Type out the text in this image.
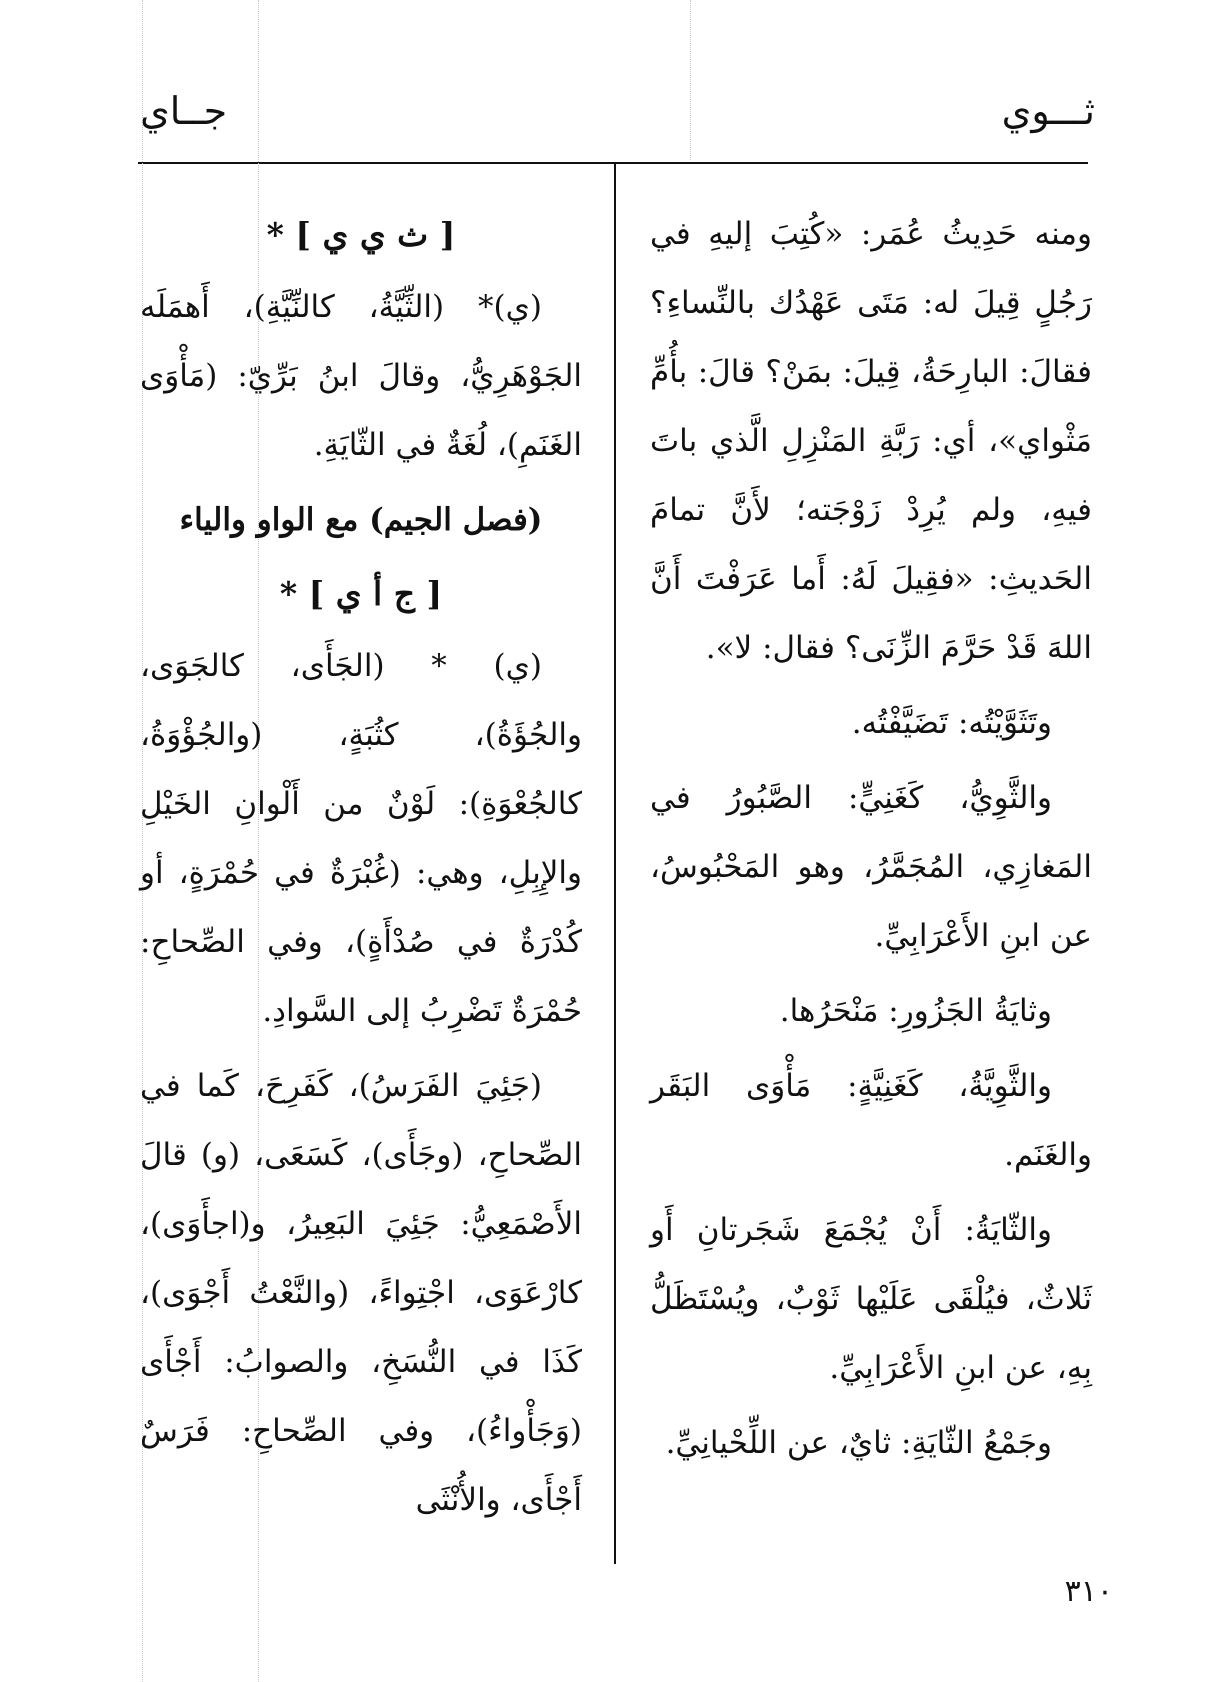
ثـــوي
جــاي

ومنه حَدِيثُ عُمَر: «كُتِبَ إليهِ في رَجُلٍ قِيلَ له: مَتَى عَهْدُك بالنِّساءِ؟ فقالَ: البارِحَةُ، قِيلَ: بمَنْ؟ قالَ: بأُمِّ مَثْواي»، أي: رَبَّةِ المَنْزِلِ الَّذي باتَ فيهِ، ولم يُرِدْ زَوْجَته؛ لأَنَّ تمامَ الحَديثِ: «فقِيلَ لَهُ: أَما عَرَفْتَ أَنَّ اللهَ قَدْ حَرَّمَ الزِّنَى؟ فقال: لا».

وتَثَوَّيْتُه: تَضَيَّفْتُه.

والثَّوِيُّ، كَغَنِيٍّ: الصَّبُورُ في المَغازِي، المُجَمَّرُ، وهو المَحْبُوسُ، عن ابنِ الأَعْرَابِيِّ.

وثايَةُ الجَزُورِ: مَنْحَرُها.

والثَّوِيَّةُ، كَغَنِيَّةٍ: مَأْوَى البَقَر والغَنَم.

والثّايَةُ: أَنْ يُجْمَعَ شَجَرتانِ أَو ثَلاثٌ، فيُلْقَى عَلَيْها ثَوْبٌ، ويُسْتَظَلُّ بِهِ، عن ابنِ الأَعْرَابِيِّ.

وجَمْعُ الثّايَةِ: ثايٌ، عن اللِّحْيانِيِّ.

[ ث ي ي ] *

(ي)* (الثِّيَّةُ، كالنِّيَّةِ)، أَهمَلَه الجَوْهَرِيُّ، وقالَ ابنُ بَرِّيّ: (مَأْوَى الغَنَمِ)، لُغَةٌ في الثّايَةِ.

(فصل الجيم) مع الواو والياء
[ ج أ ي ] *

(ي) * (الجَأَى، كالجَوَى، والجُؤَةُ)، كثُبَةٍ، (والجُؤْوَةُ، كالجُعْوَةِ): لَوْنٌ من أَلْوانِ الخَيْلِ والإِبِلِ، وهي: (غُبْرَةٌ في حُمْرَةٍ، أو كُدْرَةٌ في صُدْأَةٍ)، وفي الصِّحاحِ: حُمْرَةٌ تَضْرِبُ إلى السَّوادِ.

(جَئِيَ الفَرَسُ)، كَفَرِحَ، كَما في الصِّحاحِ، (وجَأَى)، كَسَعَى، (و) قالَ الأَصْمَعِيُّ: جَئِيَ البَعِيرُ، و(اجأَوَى)، كارْعَوَى، اجْتِواءً، (والنَّعْتُ أَجْوَى)، كَذَا في النُّسَخِ، والصوابُ: أَجْأَى (وَجَأْواءُ)، وفي الصِّحاحِ: فَرَسٌ أَجْأَى، والأُنْثَى

٣١٠
